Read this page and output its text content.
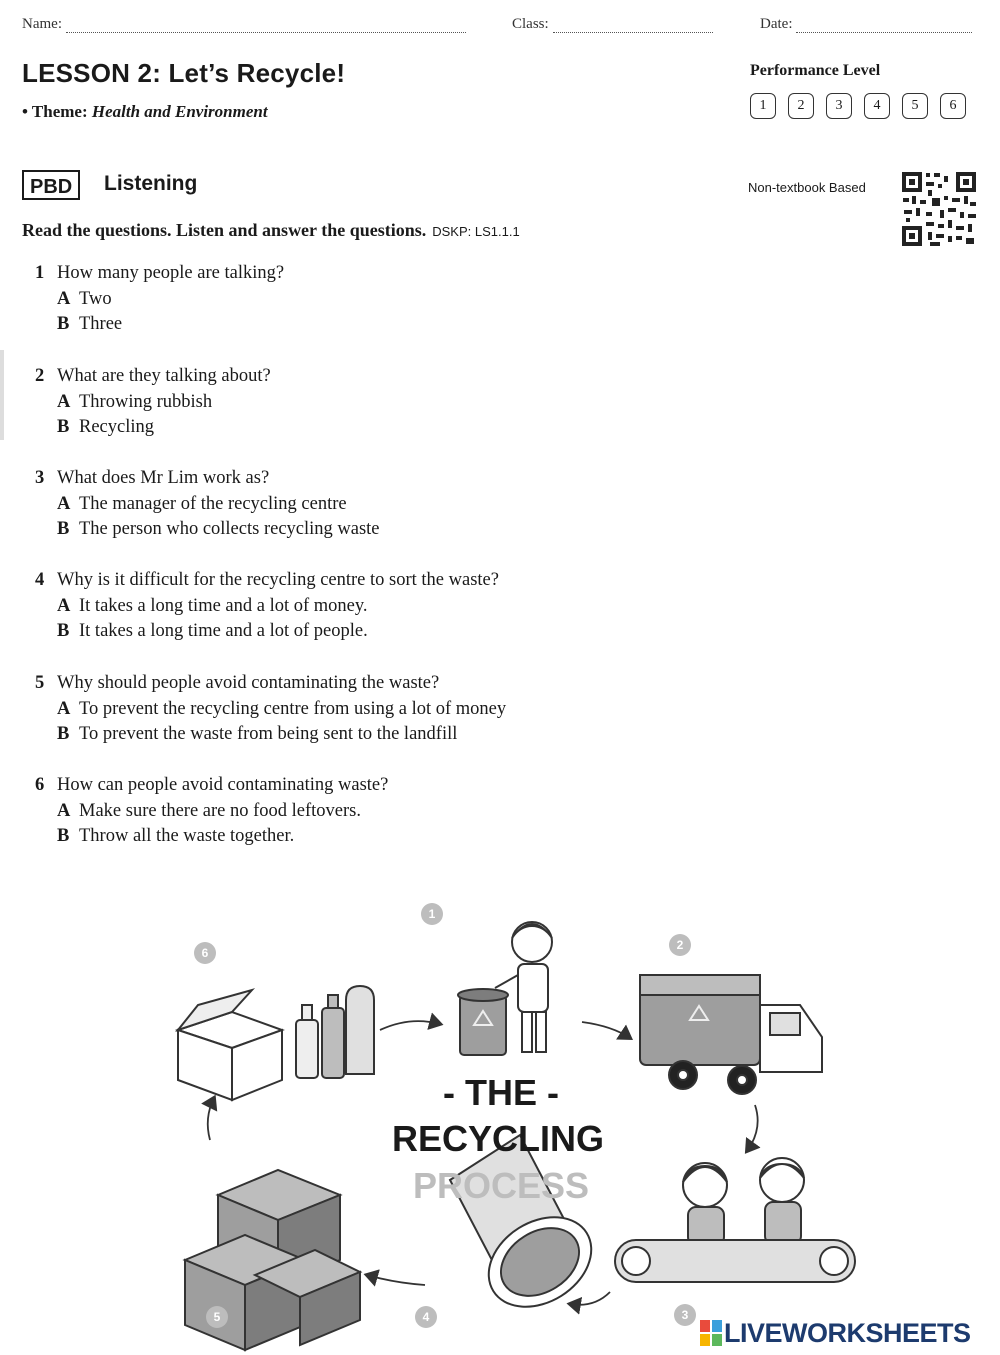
Name:	Class:	Date:
LESSON 2: Let’s Recycle!
• Theme: Health and Environment
Performance Level
1	2	3	4	5	6
PBD	Listening	Non-textbook Based
Read the questions. Listen and answer the questions. DSKP: LS1.1.1
1 How many people are talking?
A Two
B Three
2 What are they talking about?
A Throwing rubbish
B Recycling
3 What does Mr Lim work as?
A The manager of the recycling centre
B The person who collects recycling waste
4 Why is it difficult for the recycling centre to sort the waste?
A It takes a long time and a lot of money.
B It takes a long time and a lot of people.
5 Why should people avoid contaminating the waste?
A To prevent the recycling centre from using a lot of money
B To prevent the waste from being sent to the landfill
6 How can people avoid contaminating waste?
A Make sure there are no food leftovers.
B Throw all the waste together.
1
2
3
4
5
6
- THE -
RECYCLING
PROCESS
LIVEWORKSHEETS
